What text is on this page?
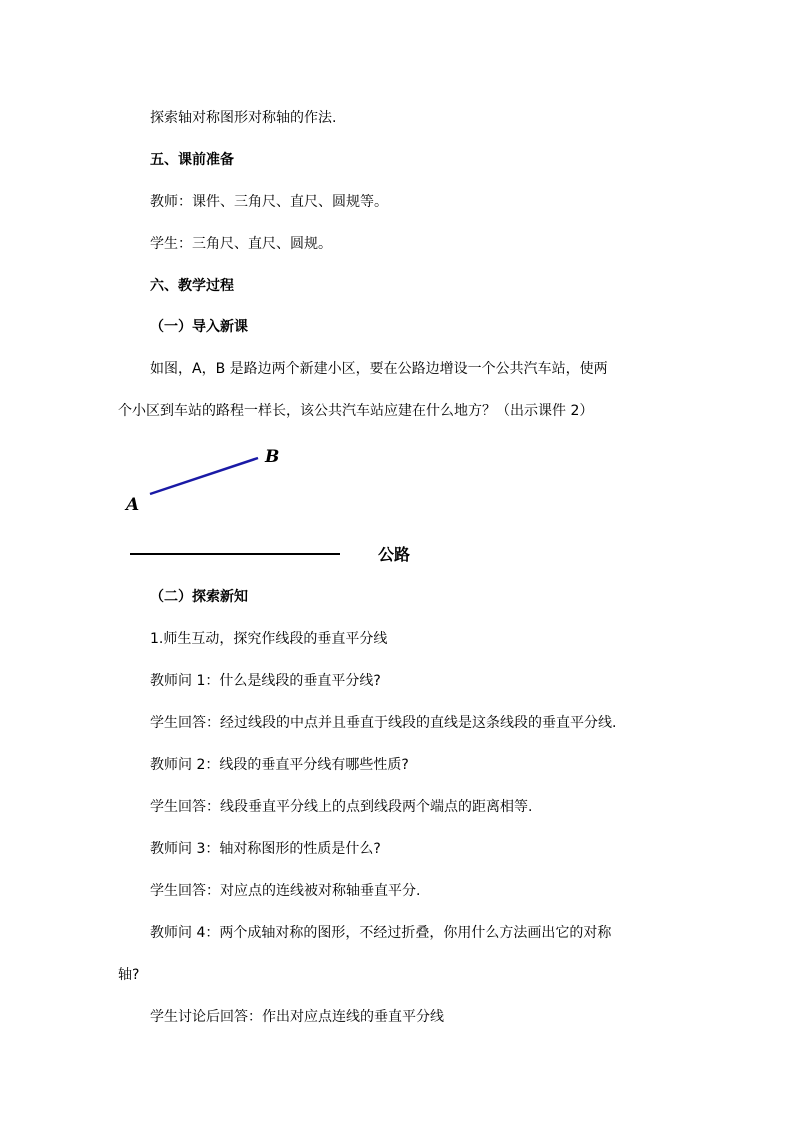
探索轴对称图形对称轴的作法.
五、课前准备
教师：课件、三角尺、直尺、圆规等。
学生：三角尺、直尺、圆规。
六、教学过程
（一）导入新课
如图，A，B 是路边两个新建小区，要在公路边增设一个公共汽车站，使两
个小区到车站的路程一样长，该公共汽车站应建在什么地方？（出示课件 2）
B
A
公路
（二）探索新知
1.师生互动，探究作线段的垂直平分线
教师问 1：什么是线段的垂直平分线?
学生回答：经过线段的中点并且垂直于线段的直线是这条线段的垂直平分线.
教师问 2：线段的垂直平分线有哪些性质?
学生回答：线段垂直平分线上的点到线段两个端点的距离相等.
教师问 3：轴对称图形的性质是什么?
学生回答：对应点的连线被对称轴垂直平分.
教师问 4：两个成轴对称的图形，不经过折叠，你用什么方法画出它的对称
轴?
学生讨论后回答：作出对应点连线的垂直平分线
